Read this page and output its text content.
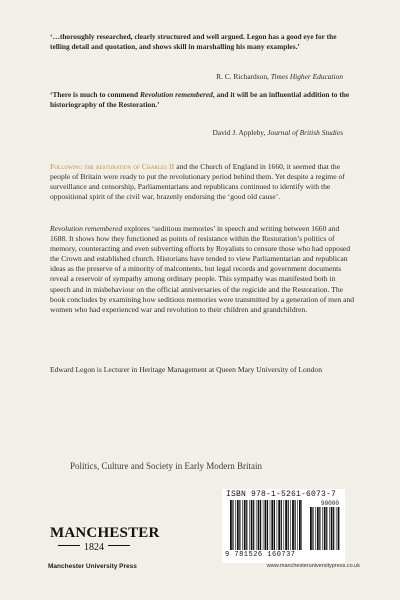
‘…thoroughly researched, clearly structured and well argued. Legon has a good eye for the telling detail and quotation, and shows skill in marshalling his many examples.’
R. C. Richardson, Times Higher Education
‘There is much to commend Revolution remembered, and it will be an influential addition to the historiography of the Restoration.’
David J. Appleby, Journal of British Studies
Following the restoration of Charles II and the Church of England in 1660, it seemed that the people of Britain were ready to put the revolutionary period behind them. Yet despite a regime of surveillance and censorship, Parliamentarians and republicans continued to identify with the oppositional spirit of the civil war, brazenly endorsing the ‘good old cause’.
Revolution remembered explores ‘seditious memories’ in speech and writing between 1660 and 1688. It shows how they functioned as points of resistance within the Restoration’s politics of memory, counteracting and even subverting efforts by Royalists to censure those who had opposed the Crown and established church. Historians have tended to view Parliamentarian and republican ideas as the preserve of a minority of malcontents, but legal records and government documents reveal a reservoir of sympathy among ordinary people. This sympathy was manifested both in speech and in misbehaviour on the official anniversaries of the regicide and the Restoration. The book concludes by examining how seditious memories were transmitted by a generation of men and women who had experienced war and revolution to their children and grandchildren.
Edward Legon is Lecturer in Heritage Management at Queen Mary University of London
Politics, Culture and Society in Early Modern Britain
ISBN 978-1-5261-6073-7
90000
9 781526 160737
MANCHESTER
1824
Manchester University Press	www.manchesteruniversitypress.co.uk
